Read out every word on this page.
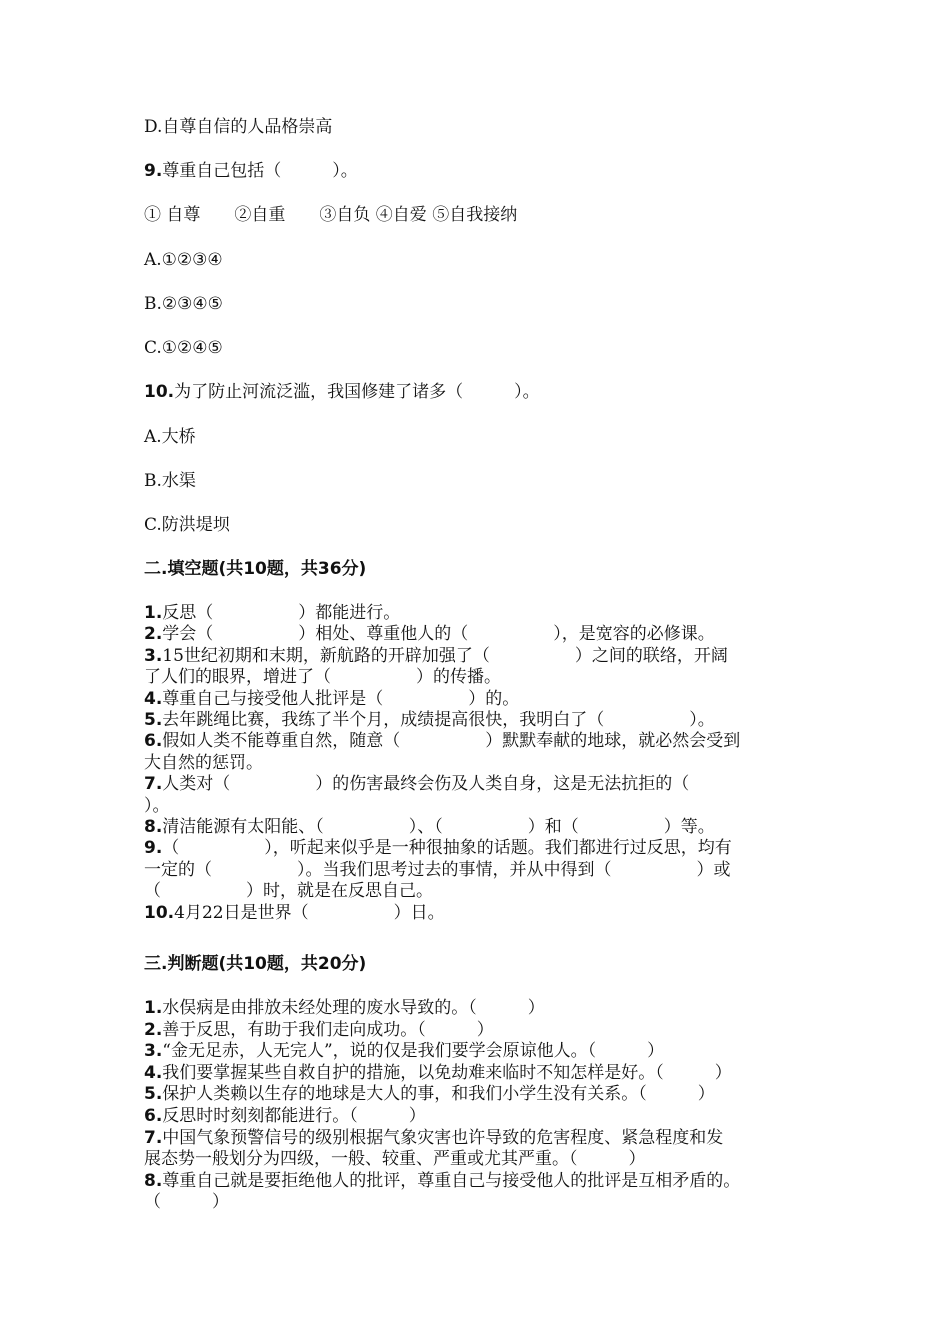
D.自尊自信的人品格崇高
9.尊重自己包括（　　　）。
① 自尊　　②自重　　③自负 ④自爱 ⑤自我接纳
A.①②③④
B.②③④⑤
C.①②④⑤
10.为了防止河流泛滥，我国修建了诸多（　　　）。
A.大桥
B.水渠
C.防洪堤坝
二.填空题(共10题，共36分)
1.反思（　　　　　）都能进行。
2.学会（　　　　　）相处、尊重他人的（　　　　　），是宽容的必修课。
3.15世纪初期和末期，新航路的开辟加强了（　　　　　）之间的联络，开阔
了人们的眼界，增进了（　　　　　）的传播。
4.尊重自己与接受他人批评是（　　　　　）的。
5.去年跳绳比赛，我练了半个月，成绩提高很快，我明白了（　　　　　）。
6.假如人类不能尊重自然，随意（　　　　　）默默奉献的地球，就必然会受到
大自然的惩罚。
7.人类对（　　　　　）的伤害最终会伤及人类自身，这是无法抗拒的（
）。
8.清洁能源有太阳能、（　　　　　）、（　　　　　）和（　　　　　）等。
9.（　　　　　），听起来似乎是一种很抽象的话题。我们都进行过反思，均有
一定的（　　　　　）。当我们思考过去的事情，并从中得到（　　　　　）或
（　　　　　）时，就是在反思自己。
10.4月22日是世界（　　　　　）日。
三.判断题(共10题，共20分)
1.水俣病是由排放未经处理的废水导致的。（　　　）
2.善于反思，有助于我们走向成功。（　　　）
3.“金无足赤，人无完人”，说的仅是我们要学会原谅他人。（　　　）
4.我们要掌握某些自救自护的措施，以免劫难来临时不知怎样是好。（　　　）
5.保护人类赖以生存的地球是大人的事，和我们小学生没有关系。（　　　）
6.反思时时刻刻都能进行。（　　　）
7.中国气象预警信号的级别根据气象灾害也许导致的危害程度、紧急程度和发
展态势一般划分为四级，一般、较重、严重或尤其严重。（　　　）
8.尊重自己就是要拒绝他人的批评，尊重自己与接受他人的批评是互相矛盾的。
（　　　）
